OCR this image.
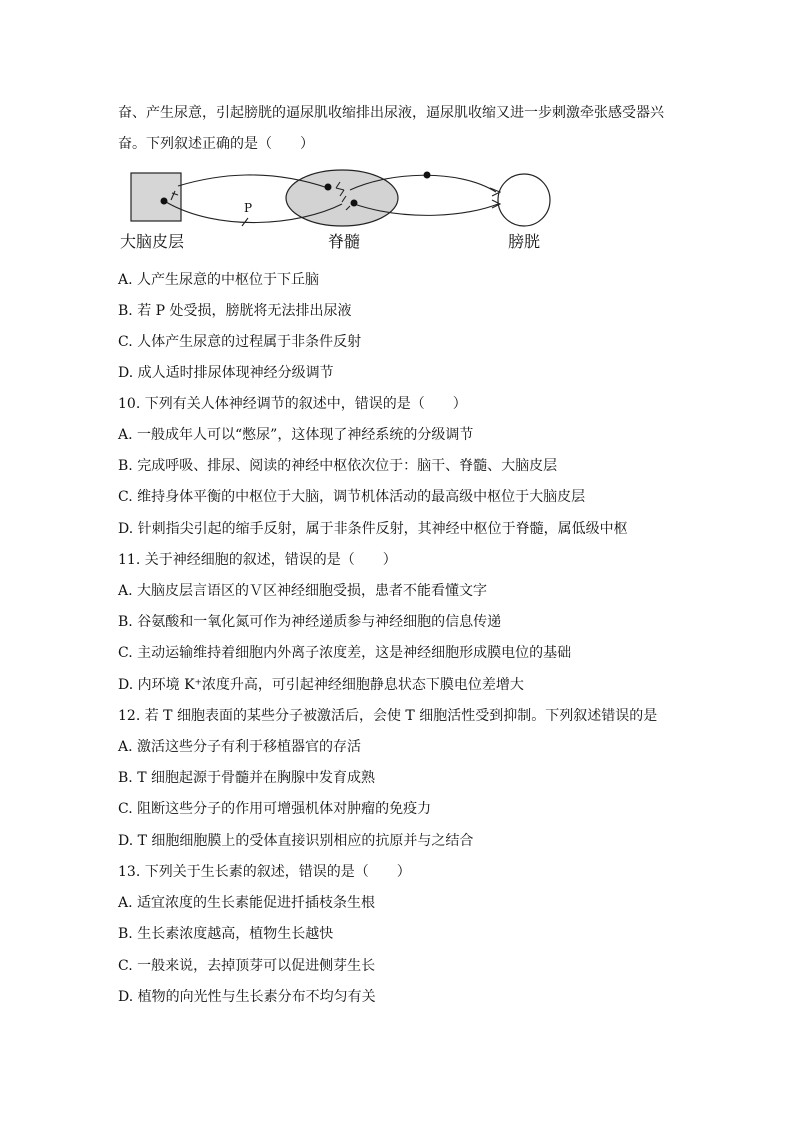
奋、产生尿意，引起膀胱的逼尿肌收缩排出尿液，逼尿肌收缩又进一步刺激牵张感受器兴
奋。下列叙述正确的是（　　）
P
大脑皮层	脊髓	膀胱
A. 人产生尿意的中枢位于下丘脑
B. 若 P 处受损，膀胱将无法排出尿液
C. 人体产生尿意的过程属于非条件反射
D. 成人适时排尿体现神经分级调节
10. 下列有关人体神经调节的叙述中，错误的是（　　）
A. 一般成年人可以“憋尿”，这体现了神经系统的分级调节
B. 完成呼吸、排尿、阅读的神经中枢依次位于：脑干、脊髓、大脑皮层
C. 维持身体平衡的中枢位于大脑，调节机体活动的最高级中枢位于大脑皮层
D. 针刺指尖引起的缩手反射，属于非条件反射，其神经中枢位于脊髓，属低级中枢
11. 关于神经细胞的叙述，错误的是（　　）
A. 大脑皮层言语区的Ｖ区神经细胞受损，患者不能看懂文字
B. 谷氨酸和一氧化氮可作为神经递质参与神经细胞的信息传递
C. 主动运输维持着细胞内外离子浓度差，这是神经细胞形成膜电位的基础
D. 内环境 K⁺浓度升高，可引起神经细胞静息状态下膜电位差增大
12. 若 T 细胞表面的某些分子被激活后，会使 T 细胞活性受到抑制。下列叙述错误的是
A. 激活这些分子有利于移植器官的存活
B. T 细胞起源于骨髓并在胸腺中发育成熟
C. 阻断这些分子的作用可增强机体对肿瘤的免疫力
D. T 细胞细胞膜上的受体直接识别相应的抗原并与之结合
13. 下列关于生长素的叙述，错误的是（　　）
A. 适宜浓度的生长素能促进扦插枝条生根
B. 生长素浓度越高，植物生长越快
C. 一般来说，去掉顶芽可以促进侧芽生长
D. 植物的向光性与生长素分布不均匀有关
